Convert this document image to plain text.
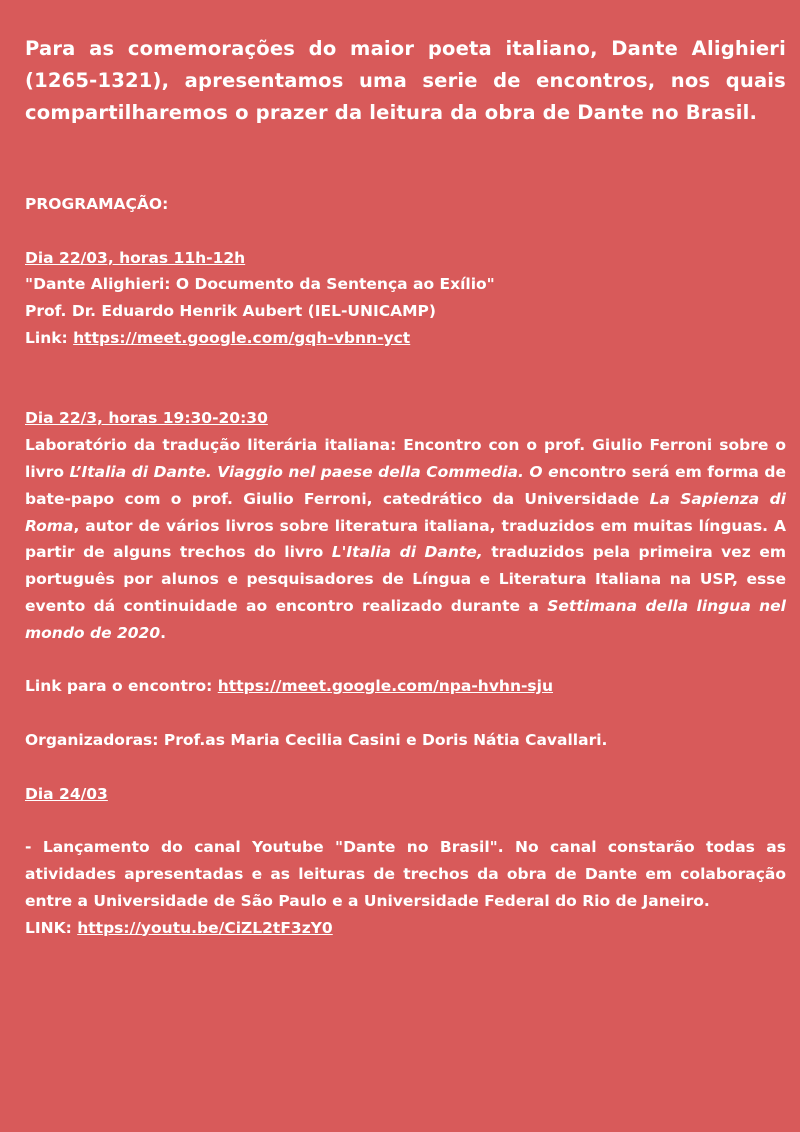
Para as comemorações do maior poeta italiano, Dante Alighieri (1265-1321), apresentamos uma serie de encontros, nos quais compartilharemos o prazer da leitura da obra de Dante no Brasil.

PROGRAMAÇÃO:

Dia 22/03, horas 11h-12h

"Dante Alighieri: O Documento da Sentença ao Exílio"

Prof. Dr. Eduardo Henrik Aubert (IEL-UNICAMP)

Link: https://meet.google.com/gqh-vbnn-yct

Dia 22/3, horas 19:30-20:30

Laboratório da tradução literária italiana: Encontro con o prof. Giulio Ferroni sobre o livro L’Italia di Dante. Viaggio nel paese della Commedia. O encontro será em forma de bate-papo com o prof. Giulio Ferroni, catedrático da Universidade La Sapienza di Roma, autor de vários livros sobre literatura italiana, traduzidos em muitas línguas. A partir de alguns trechos do livro L'Italia di Dante, traduzidos pela primeira vez em português por alunos e pesquisadores de Língua e Literatura Italiana na USP, esse evento dá continuidade ao encontro realizado durante a Settimana della lingua nel mondo de 2020.

Link para o encontro: https://meet.google.com/npa-hvhn-sju

Organizadoras: Prof.as Maria Cecilia Casini e Doris Nátia Cavallari.

Dia 24/03

- Lançamento do canal Youtube "Dante no Brasil". No canal constarão todas as atividades apresentadas e as leituras de trechos da obra de Dante em colaboração entre a Universidade de São Paulo e a Universidade Federal do Rio de Janeiro.

LINK: https://youtu.be/CiZL2tF3zY0
